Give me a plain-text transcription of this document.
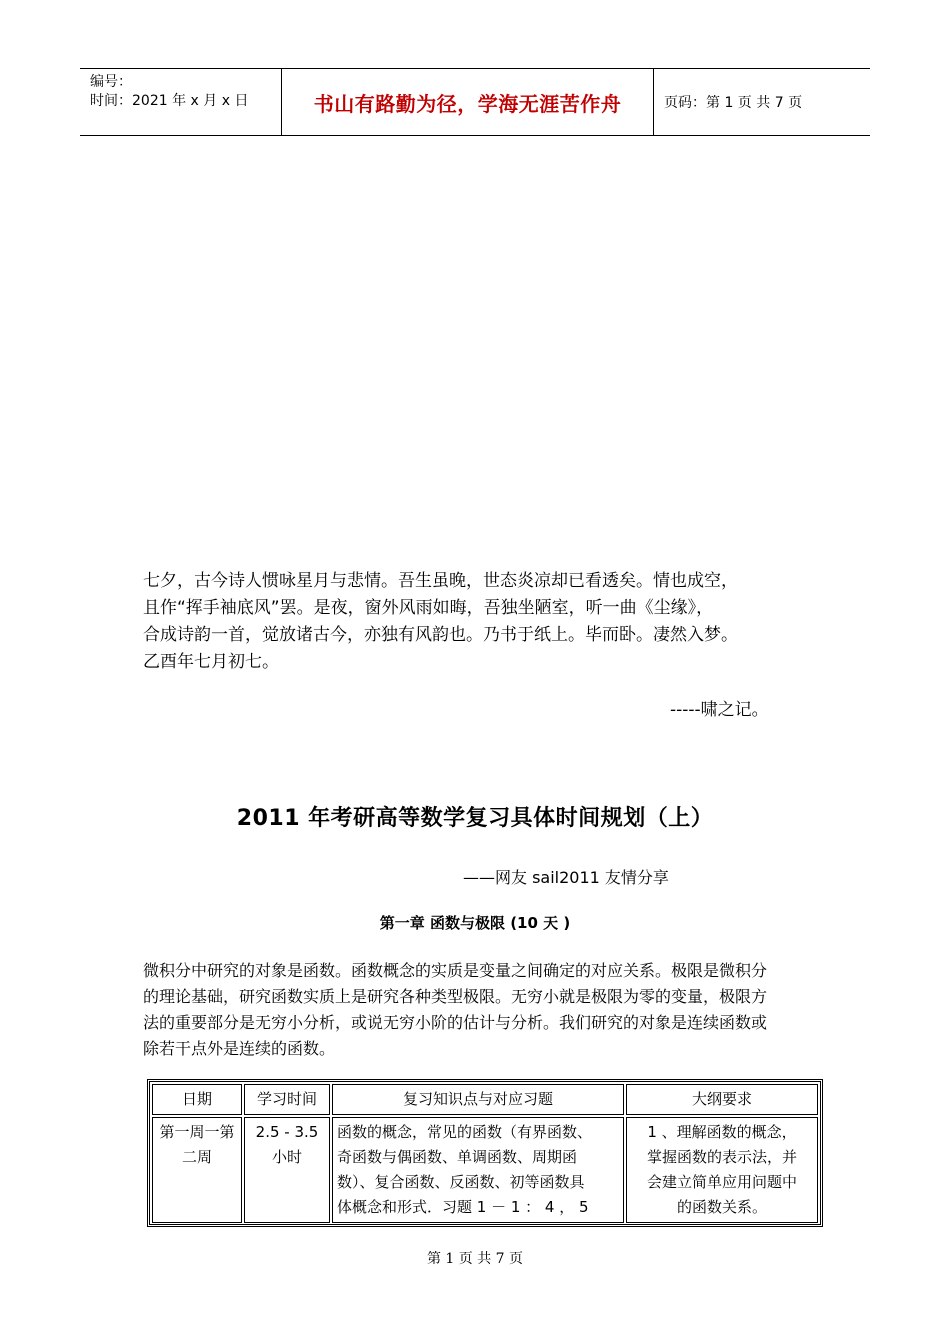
编号：
时间：2021 年 x 月 x 日	书山有路勤为径，学海无涯苦作舟	页码：第 1 页 共 7 页

七夕，古今诗人惯咏星月与悲情。吾生虽晚，世态炎凉却已看透矣。情也成空，

且作“挥手袖底风”罢。是夜，窗外风雨如晦，吾独坐陋室，听一曲《尘缘》，

合成诗韵一首，觉放诸古今，亦独有风韵也。乃书于纸上。毕而卧。凄然入梦。

乙酉年七月初七。

-----啸之记。
2011 年考研高等数学复习具体时间规划（上）
——网友 sail2011 友情分享
第一章 函数与极限 (10 天 )

微积分中研究的对象是函数。函数概念的实质是变量之间确定的对应关系。极限是微积分

的理论基础，研究函数实质上是研究各种类型极限。无穷小就是极限为零的变量，极限方

法的重要部分是无穷小分析，或说无穷小阶的估计与分析。我们研究的对象是连续函数或

除若干点外是连续的函数。

日期	学习时间	复习知识点与对应习题	大纲要求

第一周一第
二周	2.5 - 3.5
小时	函数的概念，常见的函数（有界函数、
奇函数与偶函数、单调函数、周期函
数）、复合函数、反函数、初等函数具
体概念和形式．习题 1 － 1 ： 4 ， 5	1 、理解函数的概念，
掌握函数的表示法，并
会建立简单应用问题中
的函数关系。
第 1 页 共 7 页
